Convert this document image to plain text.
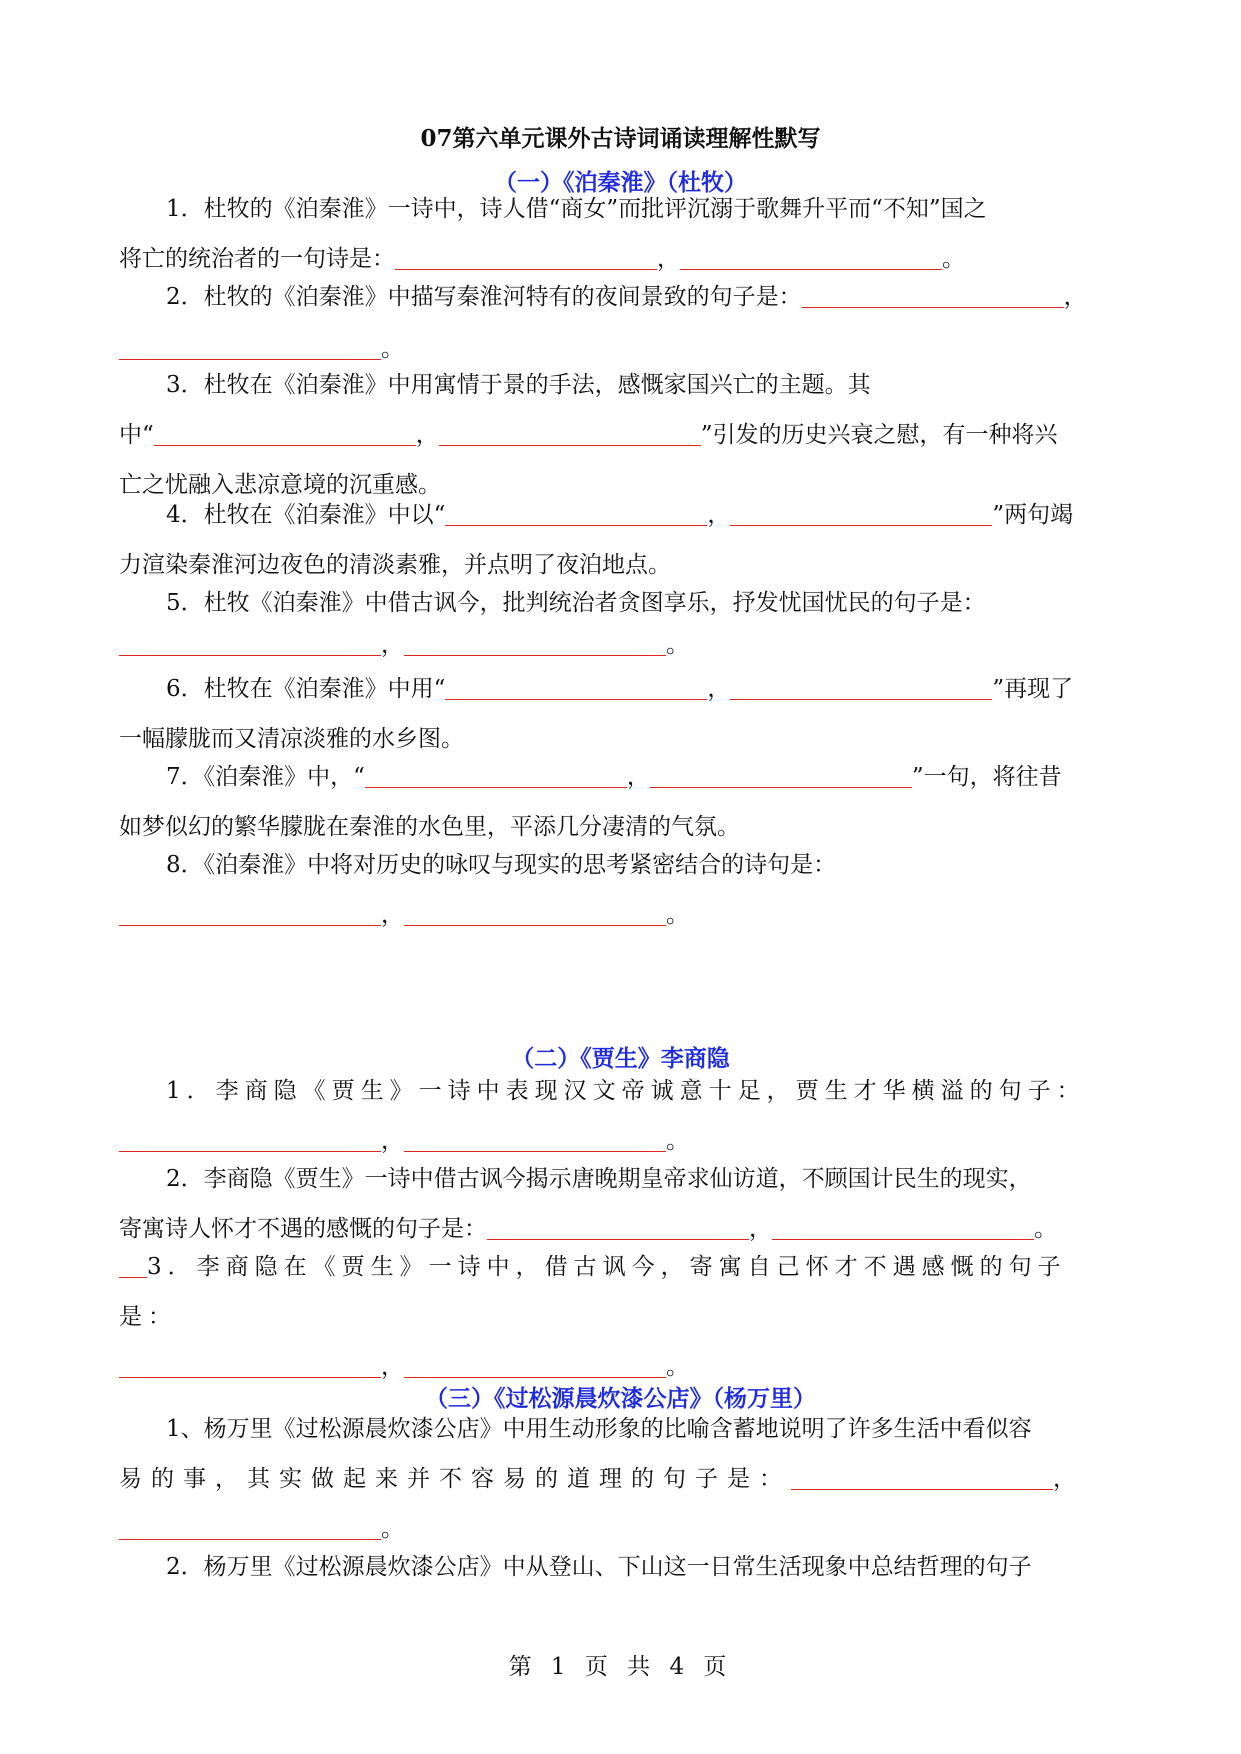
07第六单元课外古诗词诵读理解性默写
（一）《泊秦淮》（杜牧）

1．杜牧的《泊秦淮》一诗中，诗人借“商女”而批评沉溺于歌舞升平而“不知”国之

将亡的统治者的一句诗是：	，	。

2．杜牧的《泊秦淮》中描写秦淮河特有的夜间景致的句子是：	，

。

3．杜牧在《泊秦淮》中用寓情于景的手法，感慨家国兴亡的主题。其

中“	，	”引发的历史兴衰之慰，有一种将兴

亡之忧融入悲凉意境的沉重感。

4．杜牧在《泊秦淮》中以“	，	”两句竭

力渲染秦淮河边夜色的清淡素雅，并点明了夜泊地点。

5．杜牧《泊秦淮》中借古讽今，批判统治者贪图享乐，抒发忧国忧民的句子是：

，	。

6．杜牧在《泊秦淮》中用“	，	”再现了

一幅朦胧而又清凉淡雅的水乡图。

7．《泊秦淮》中，“	，	”一句，将往昔

如梦似幻的繁华朦胧在秦淮的水色里，平添几分凄清的气氛。

8．《泊秦淮》中将对历史的咏叹与现实的思考紧密结合的诗句是：

，	。

（二）《贾生》李商隐

1．李商隐《贾生》一诗中表现汉文帝诚意十足，贾生才华横溢的句子：

，	。

2．李商隐《贾生》一诗中借古讽今揭示唐晚期皇帝求仙访道，不顾国计民生的现实，

寄寓诗人怀才不遇的感慨的句子是：	，	。

3．李商隐在《贾生》一诗中，借古讽今，寄寓自己怀才不遇感慨的句子是：

，	。

（三）《过松源晨炊漆公店》（杨万里）

1、杨万里《过松源晨炊漆公店》中用生动形象的比喻含蓄地说明了许多生活中看似容

易的事，其实做起来并不容易的道理的句子是：	，

。

2．杨万里《过松源晨炊漆公店》中从登山、下山这一日常生活现象中总结哲理的句子

第 1 页 共 4 页
